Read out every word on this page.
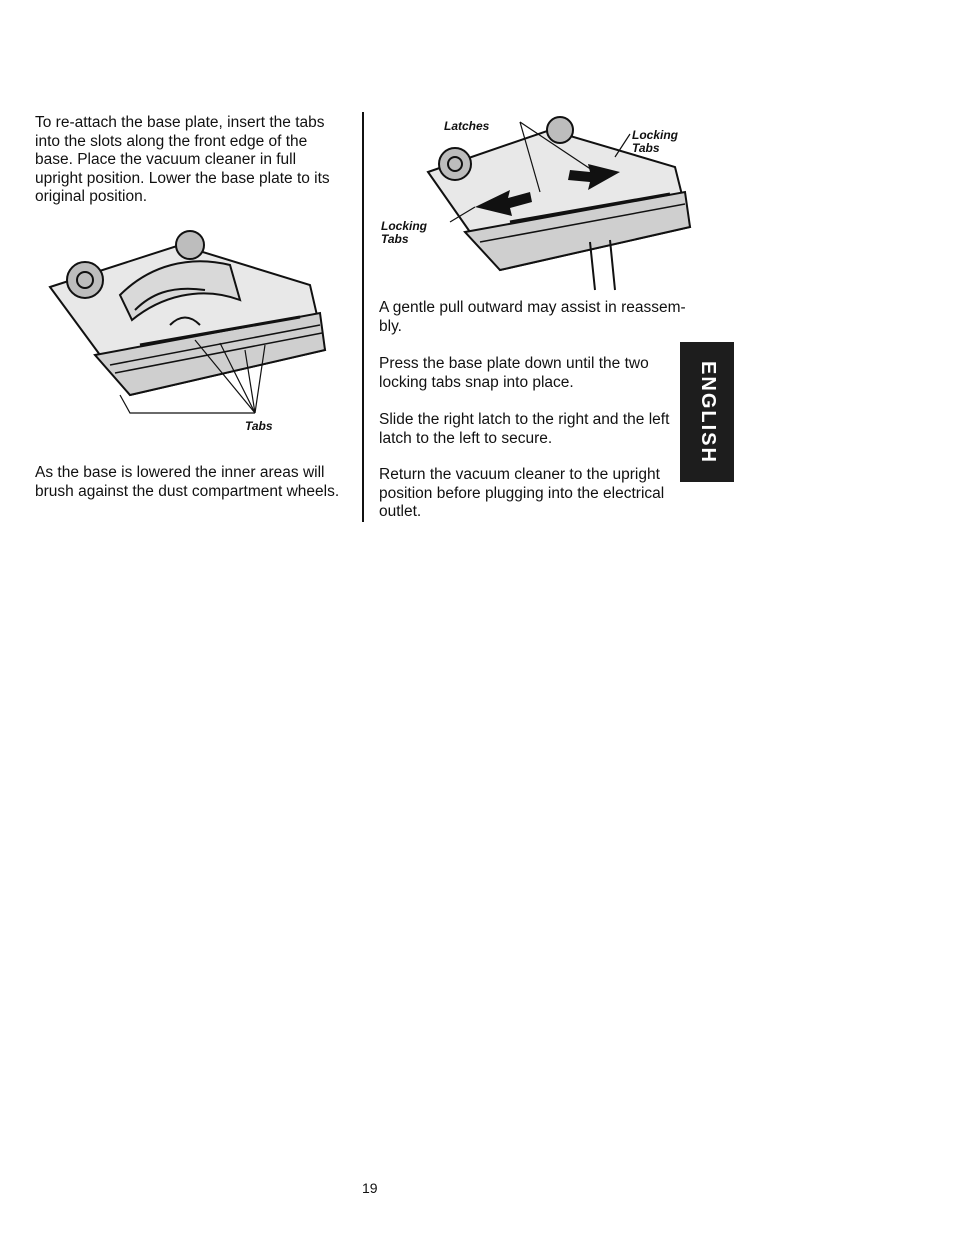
To re-attach the base plate, insert the tabs
into the slots along the front edge of the
base. Place the vacuum cleaner in full
upright position. Lower the base plate to its
original position.

Tabs

As the base is lowered the inner areas will
brush against the dust compartment wheels.

Latches
Locking
Tabs
Locking
Tabs

A gentle pull outward may assist in reassem-
bly.

Press the base plate down until the two
locking tabs snap into place.

Slide the right latch to the right and the left
latch to the left to secure.

Return the vacuum cleaner to the upright
position before plugging into the electrical
outlet.

ENGLISH
19
